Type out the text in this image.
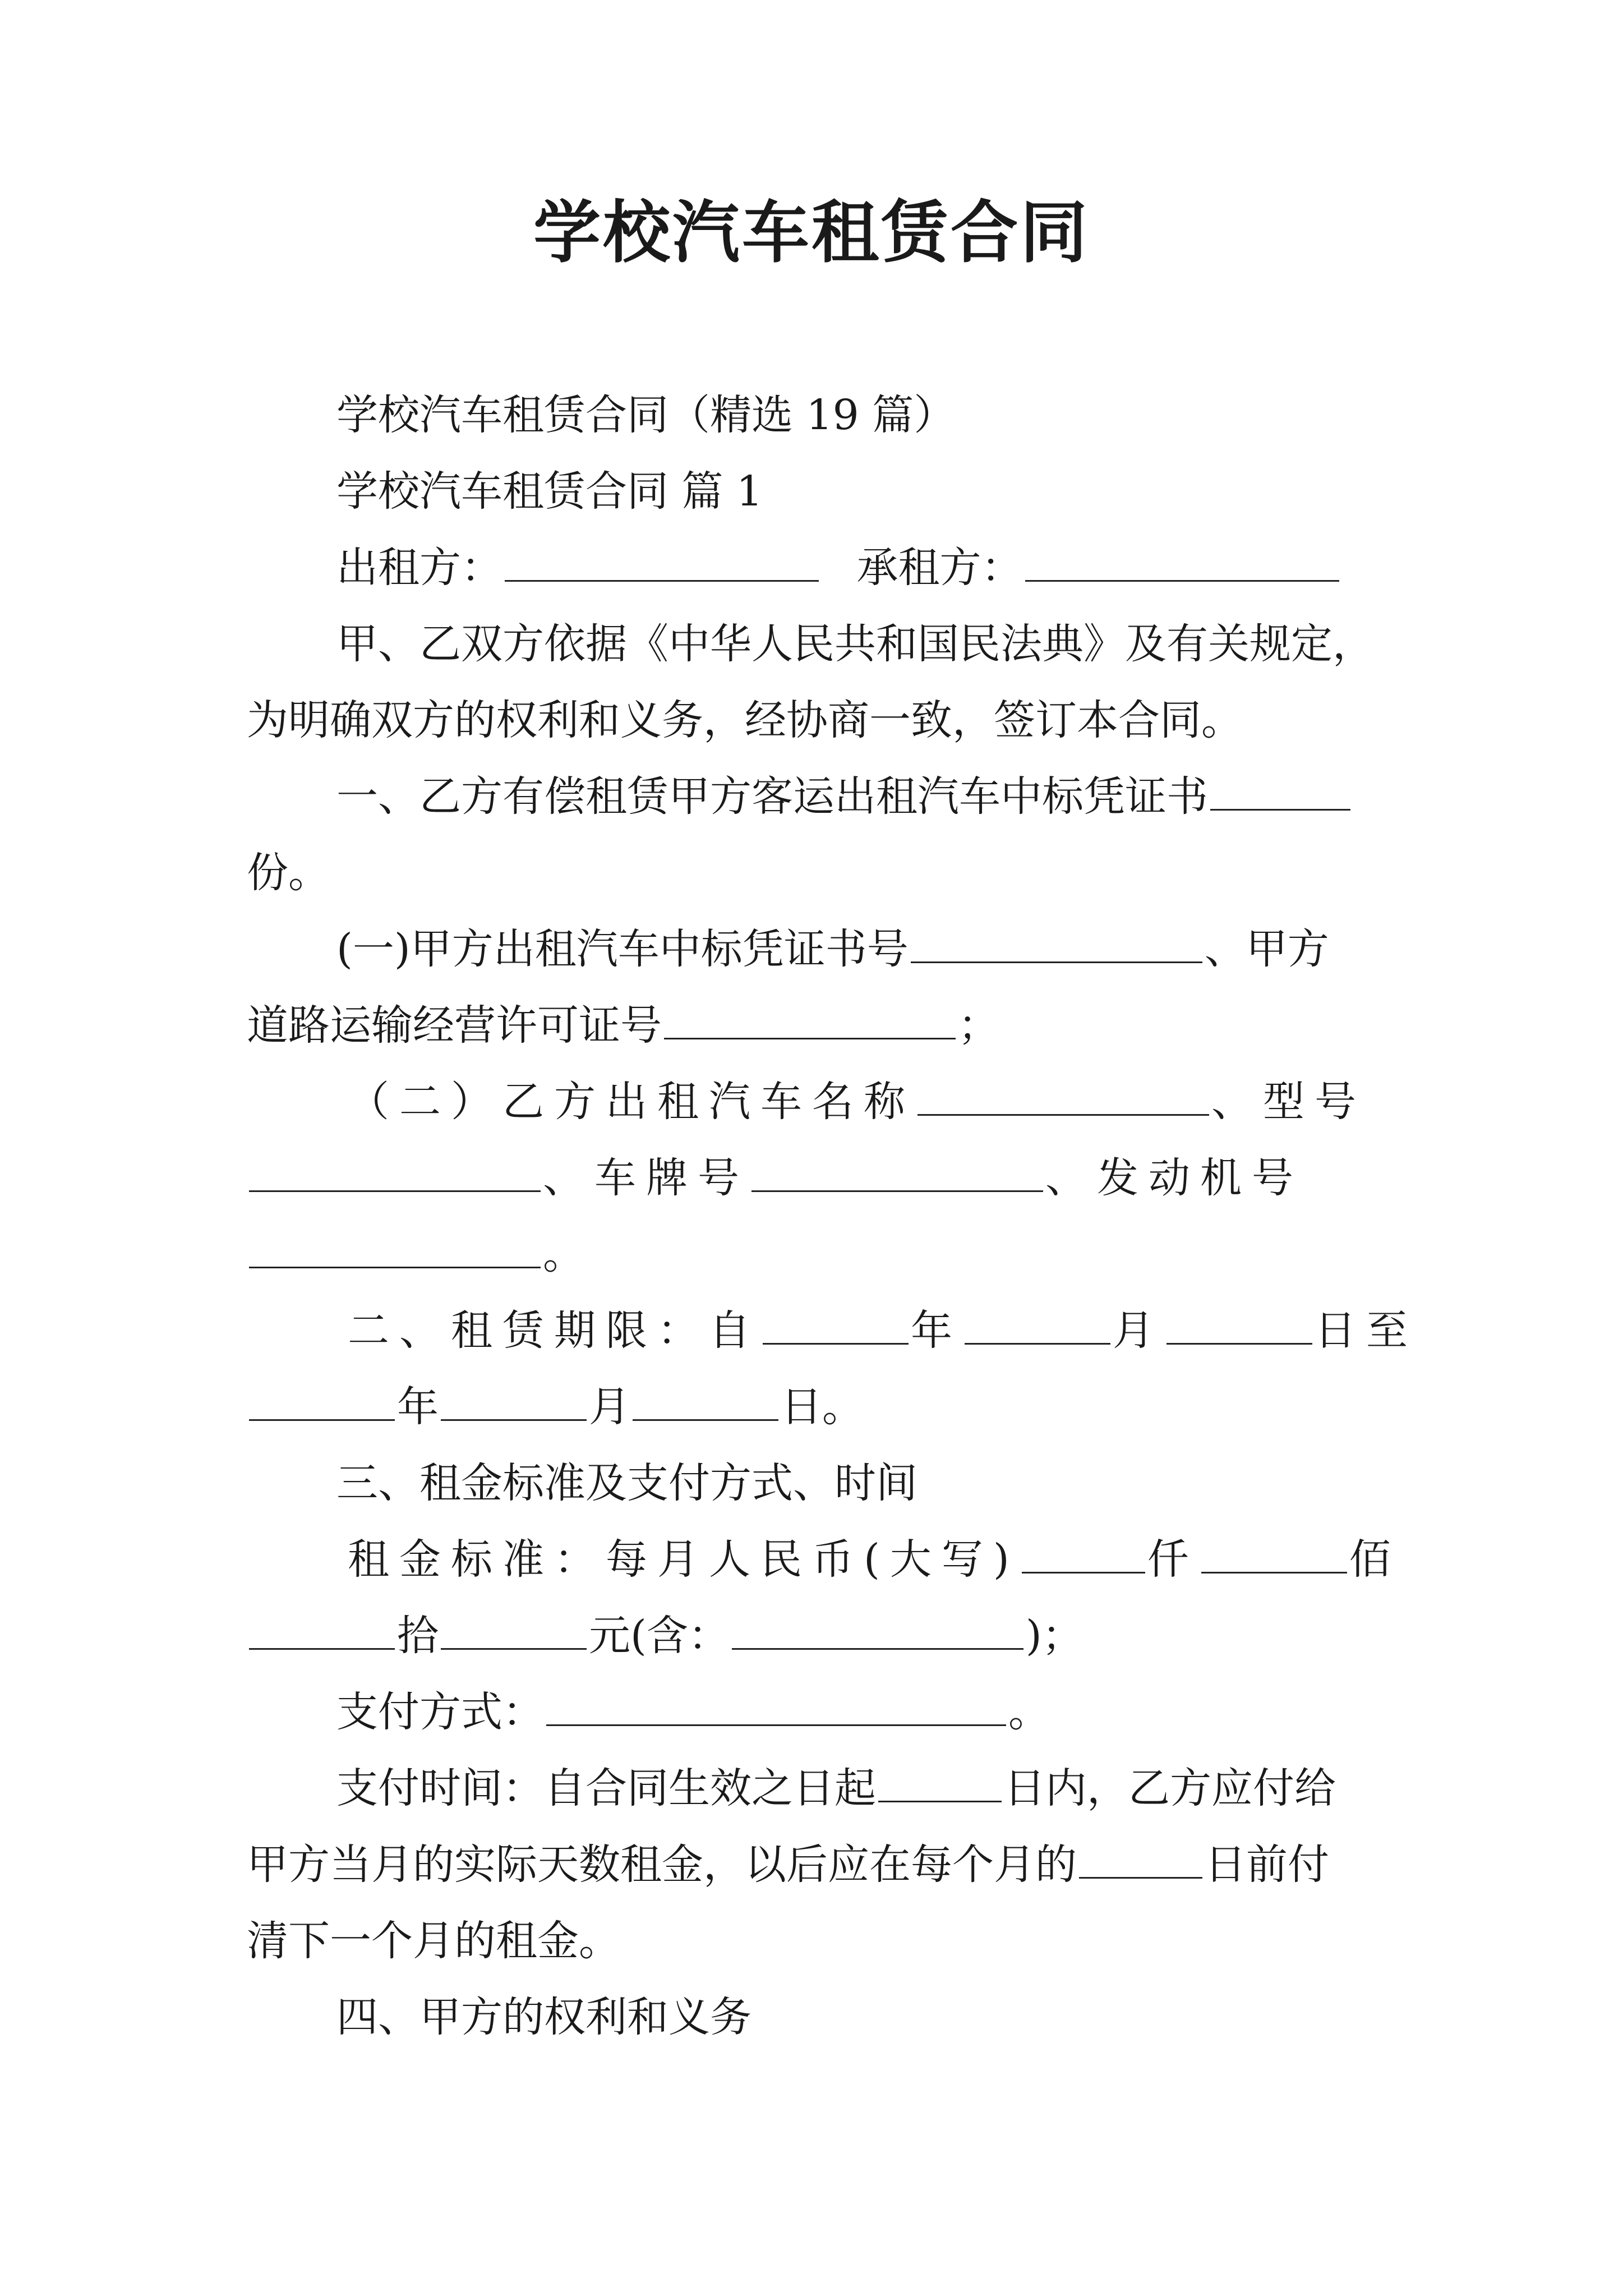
学校汽车租赁合同
学校汽车租赁合同（精选 19 篇）
学校汽车租赁合同 篇 1
出租方：	承租方：
甲、乙双方依据《中华人民共和国民法典》及有关规定，
为明确双方的权利和义务，经协商一致，签订本合同。
一、乙方有偿租赁甲方客运出租汽车中标凭证书
份。
(一)甲方出租汽车中标凭证书号	、甲方
道路运输经营许可证号	；
（二）乙方出租汽车名称	、型号
、车牌号	、发动机号
。
二、租赁期限：自	年	月	日至
年	月	日。
三、租金标准及支付方式、时间
租金标准：每月人民币(大写)	仟	佰
拾	元(含：	)；
支付方式：	。
支付时间：自合同生效之日起	日内，乙方应付给
甲方当月的实际天数租金，以后应在每个月的	日前付
清下一个月的租金。
四、甲方的权利和义务
